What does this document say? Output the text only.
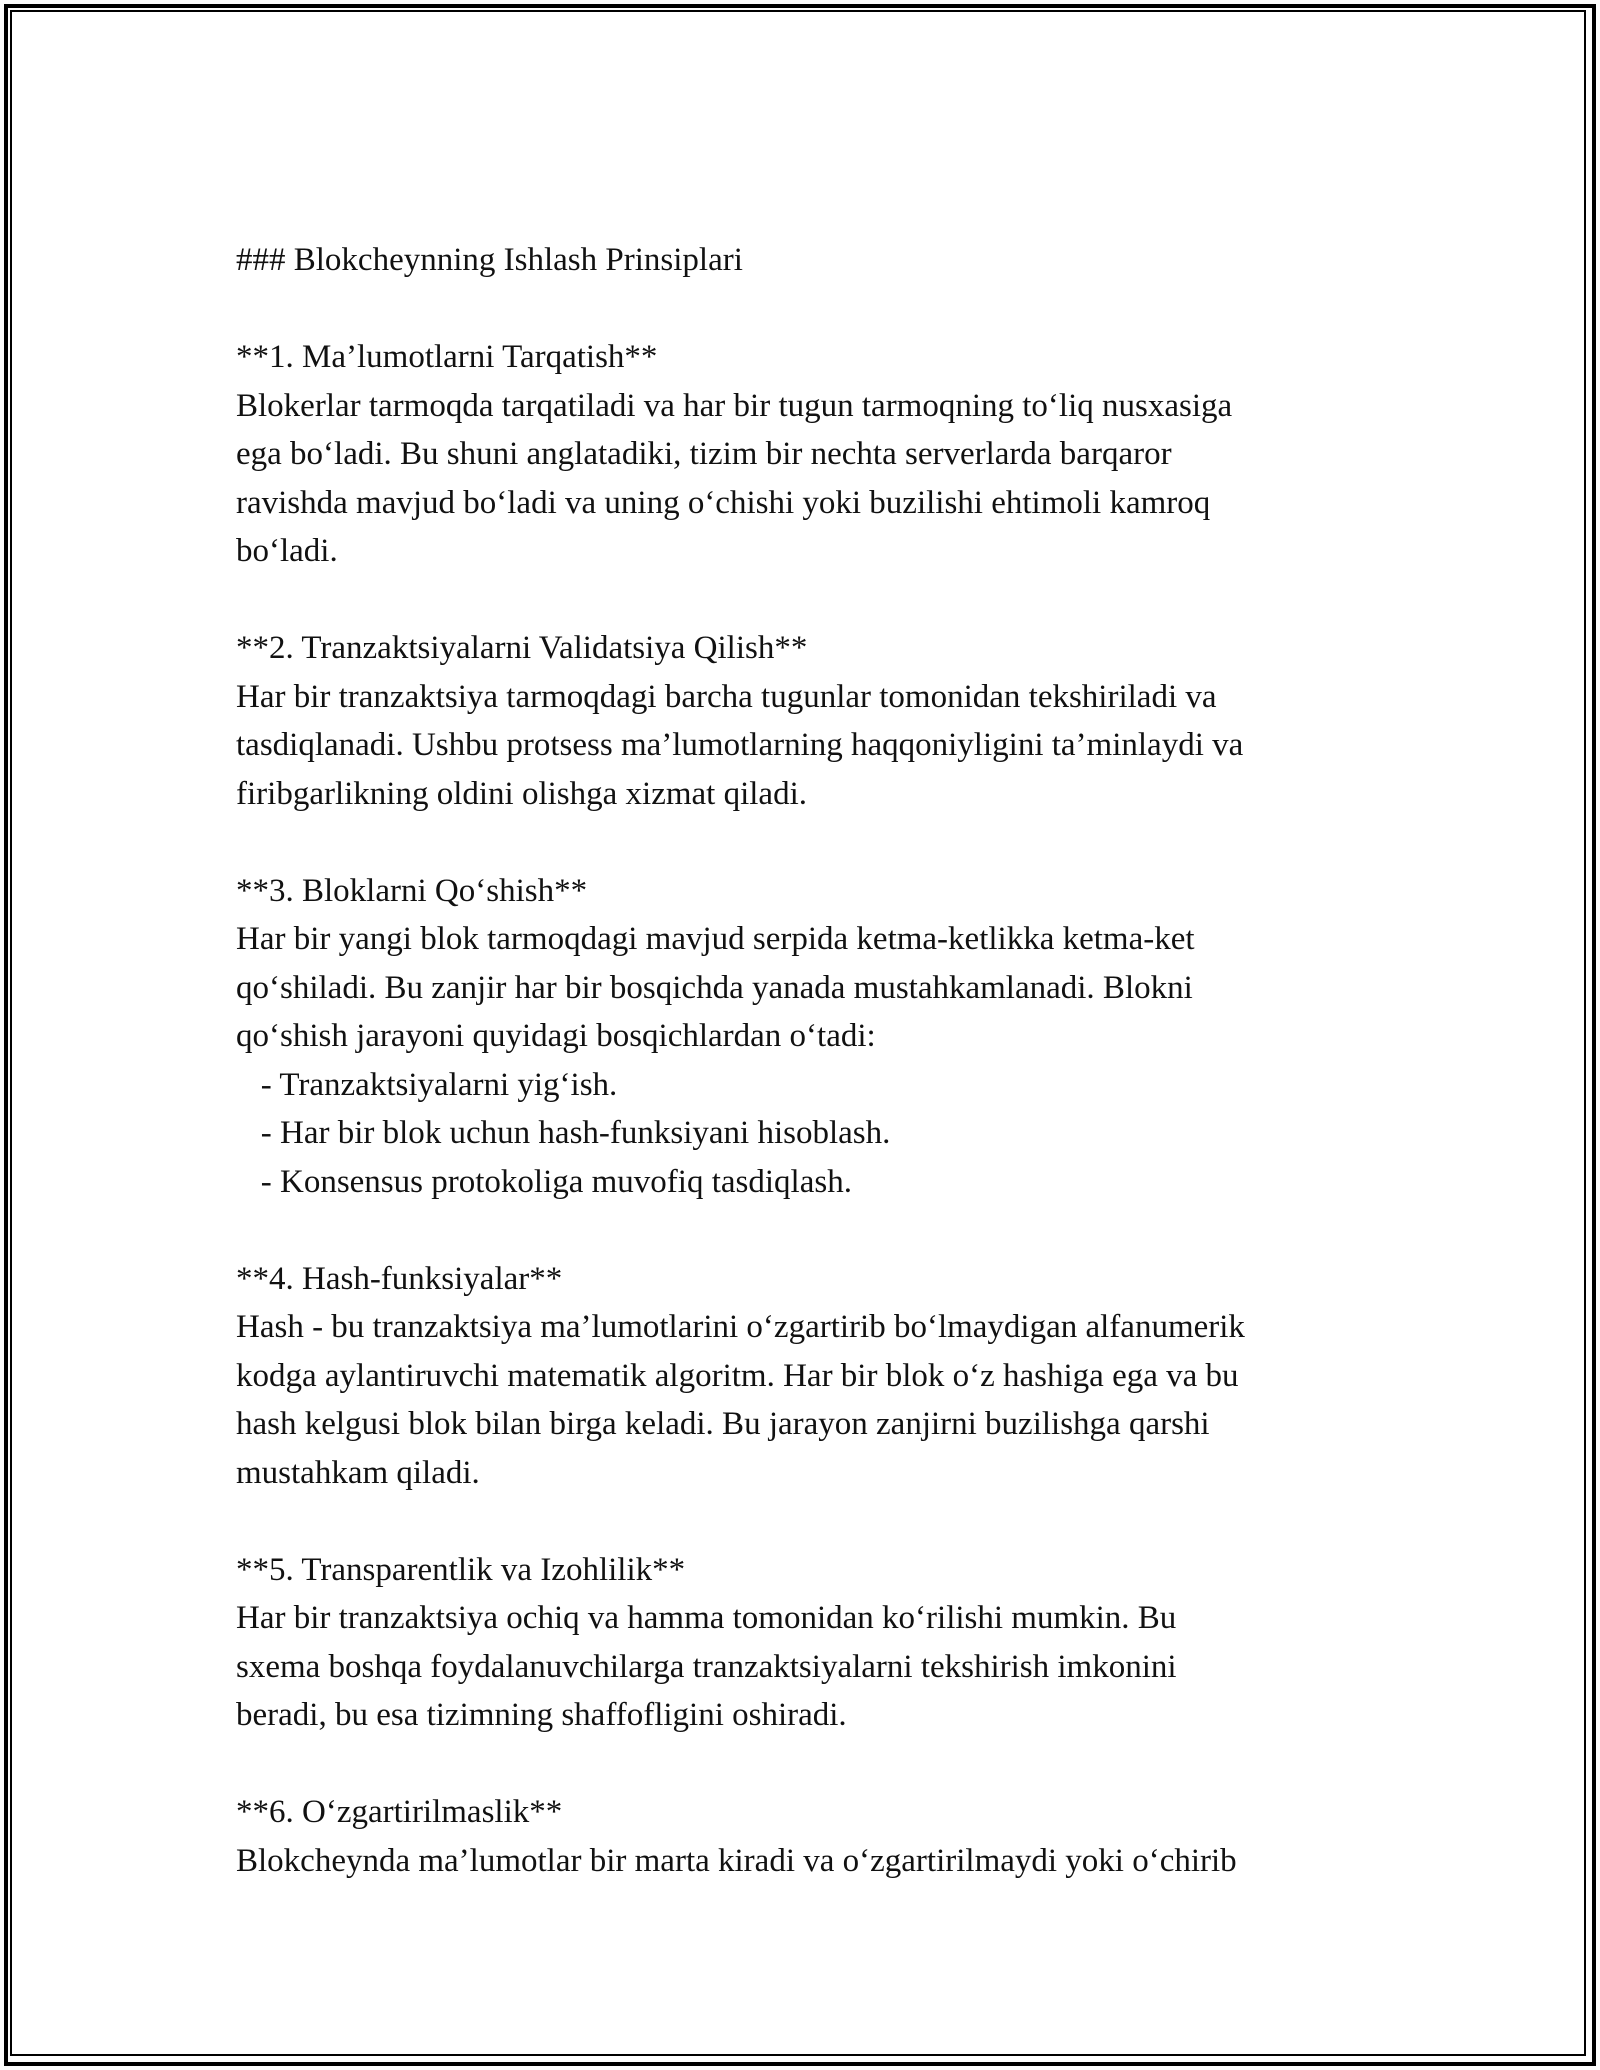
### Blokcheynning Ishlash Prinsiplari
**1. Ma’lumotlarni Tarqatish**
Blokerlar tarmoqda tarqatiladi va har bir tugun tarmoqning to‘liq nusxasiga
ega bo‘ladi. Bu shuni anglatadiki, tizim bir nechta serverlarda barqaror
ravishda mavjud bo‘ladi va uning o‘chishi yoki buzilishi ehtimoli kamroq
bo‘ladi.
**2. Tranzaktsiyalarni Validatsiya Qilish**
Har bir tranzaktsiya tarmoqdagi barcha tugunlar tomonidan tekshiriladi va
tasdiqlanadi. Ushbu protsess ma’lumotlarning haqqoniyligini ta’minlaydi va
firibgarlikning oldini olishga xizmat qiladi.
**3. Bloklarni Qo‘shish**
Har bir yangi blok tarmoqdagi mavjud serpida ketma-ketlikka ketma-ket
qo‘shiladi. Bu zanjir har bir bosqichda yanada mustahkamlanadi. Blokni
qo‘shish jarayoni quyidagi bosqichlardan o‘tadi:
- Tranzaktsiyalarni yig‘ish.
- Har bir blok uchun hash-funksiyani hisoblash.
- Konsensus protokoliga muvofiq tasdiqlash.
**4. Hash-funksiyalar**
Hash - bu tranzaktsiya ma’lumotlarini o‘zgartirib bo‘lmaydigan alfanumerik
kodga aylantiruvchi matematik algoritm. Har bir blok o‘z hashiga ega va bu
hash kelgusi blok bilan birga keladi. Bu jarayon zanjirni buzilishga qarshi
mustahkam qiladi.
**5. Transparentlik va Izohlilik**
Har bir tranzaktsiya ochiq va hamma tomonidan ko‘rilishi mumkin. Bu
sxema boshqa foydalanuvchilarga tranzaktsiyalarni tekshirish imkonini
beradi, bu esa tizimning shaffofligini oshiradi.
**6. O‘zgartirilmaslik**
Blokcheynda ma’lumotlar bir marta kiradi va o‘zgartirilmaydi yoki o‘chirib
